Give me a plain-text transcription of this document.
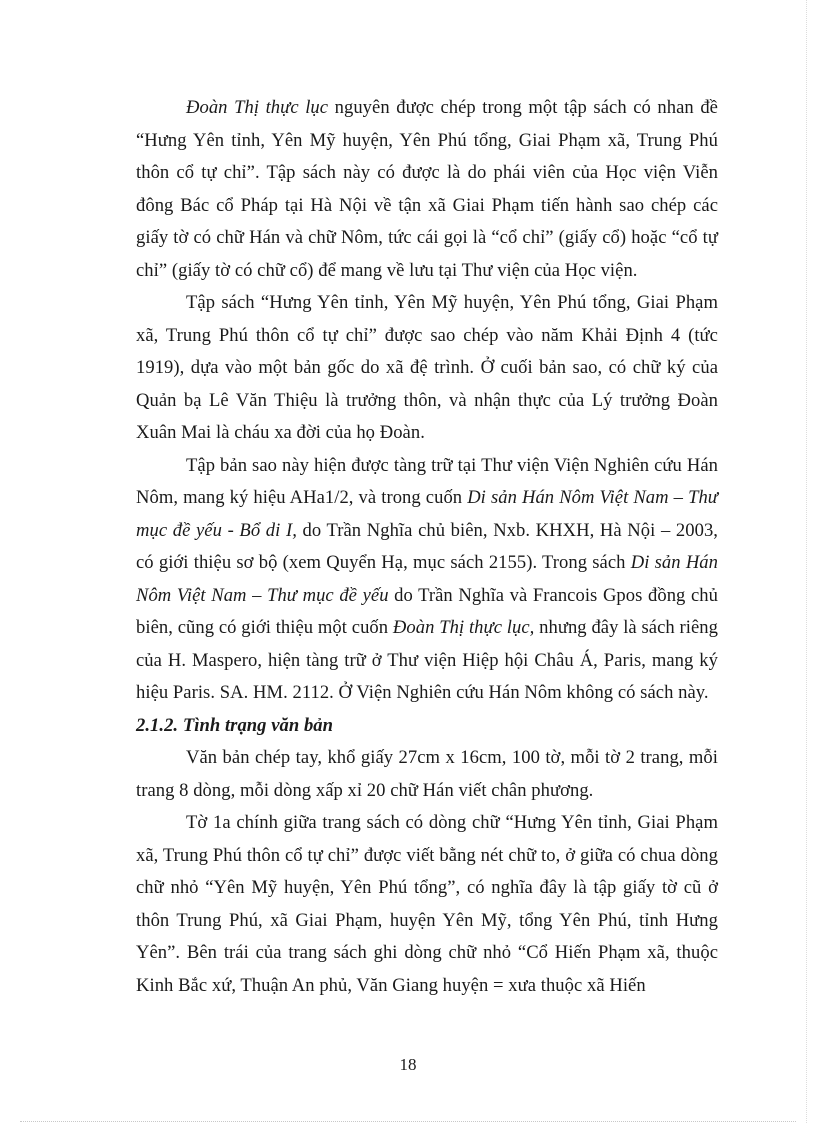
Đoàn Thị thực lục nguyên được chép trong một tập sách có nhan đề “Hưng Yên tỉnh, Yên Mỹ huyện, Yên Phú tổng, Giai Phạm xã, Trung Phú thôn cổ tự chỉ”. Tập sách này có được là do phái viên của Học viện Viễn đông Bác cổ Pháp tại Hà Nội về tận xã Giai Phạm tiến hành sao chép các giấy tờ có chữ Hán và chữ Nôm, tức cái gọi là “cổ chỉ” (giấy cổ) hoặc “cổ tự chỉ” (giấy tờ có chữ cổ) để mang về lưu tại Thư viện của Học viện.

Tập sách “Hưng Yên tỉnh, Yên Mỹ huyện, Yên Phú tổng, Giai Phạm xã, Trung Phú thôn cổ tự chỉ” được sao chép vào năm Khải Định 4 (tức 1919), dựa vào một bản gốc do xã đệ trình. Ở cuối bản sao, có chữ ký của Quản bạ Lê Văn Thiệu là trưởng thôn, và nhận thực của Lý trưởng Đoàn Xuân Mai là cháu xa đời của họ Đoàn.

Tập bản sao này hiện được tàng trữ tại Thư viện Viện Nghiên cứu Hán Nôm, mang ký hiệu AHa1/2, và trong cuốn Di sản Hán Nôm Việt Nam – Thư mục đề yếu - Bổ di I, do Trần Nghĩa chủ biên, Nxb. KHXH, Hà Nội – 2003, có giới thiệu sơ bộ (xem Quyển Hạ, mục sách 2155). Trong sách Di sản Hán Nôm Việt Nam – Thư mục đề yếu do Trần Nghĩa và Francois Gpos đồng chủ biên, cũng có giới thiệu một cuốn Đoàn Thị thực lục, nhưng đây là sách riêng của H. Maspero, hiện tàng trữ ở Thư viện Hiệp hội Châu Á, Paris, mang ký hiệu Paris. SA. HM. 2112. Ở Viện Nghiên cứu Hán Nôm không có sách này.

2.1.2. Tình trạng văn bản

Văn bản chép tay, khổ giấy 27cm x 16cm, 100 tờ, mỗi tờ 2 trang, mỗi trang 8 dòng, mỗi dòng xấp xỉ 20 chữ Hán viết chân phương.

Tờ 1a chính giữa trang sách có dòng chữ “Hưng Yên tỉnh, Giai Phạm xã, Trung Phú thôn cổ tự chỉ” được viết bằng nét chữ to, ở giữa có chua dòng chữ nhỏ “Yên Mỹ huyện, Yên Phú tổng”, có nghĩa đây là tập giấy tờ cũ ở thôn Trung Phú, xã Giai Phạm, huyện Yên Mỹ, tổng Yên Phú, tỉnh Hưng Yên”. Bên trái của trang sách ghi dòng chữ nhỏ “Cổ Hiến Phạm xã, thuộc Kinh Bắc xứ, Thuận An phủ, Văn Giang huyện = xưa thuộc xã Hiến

18
